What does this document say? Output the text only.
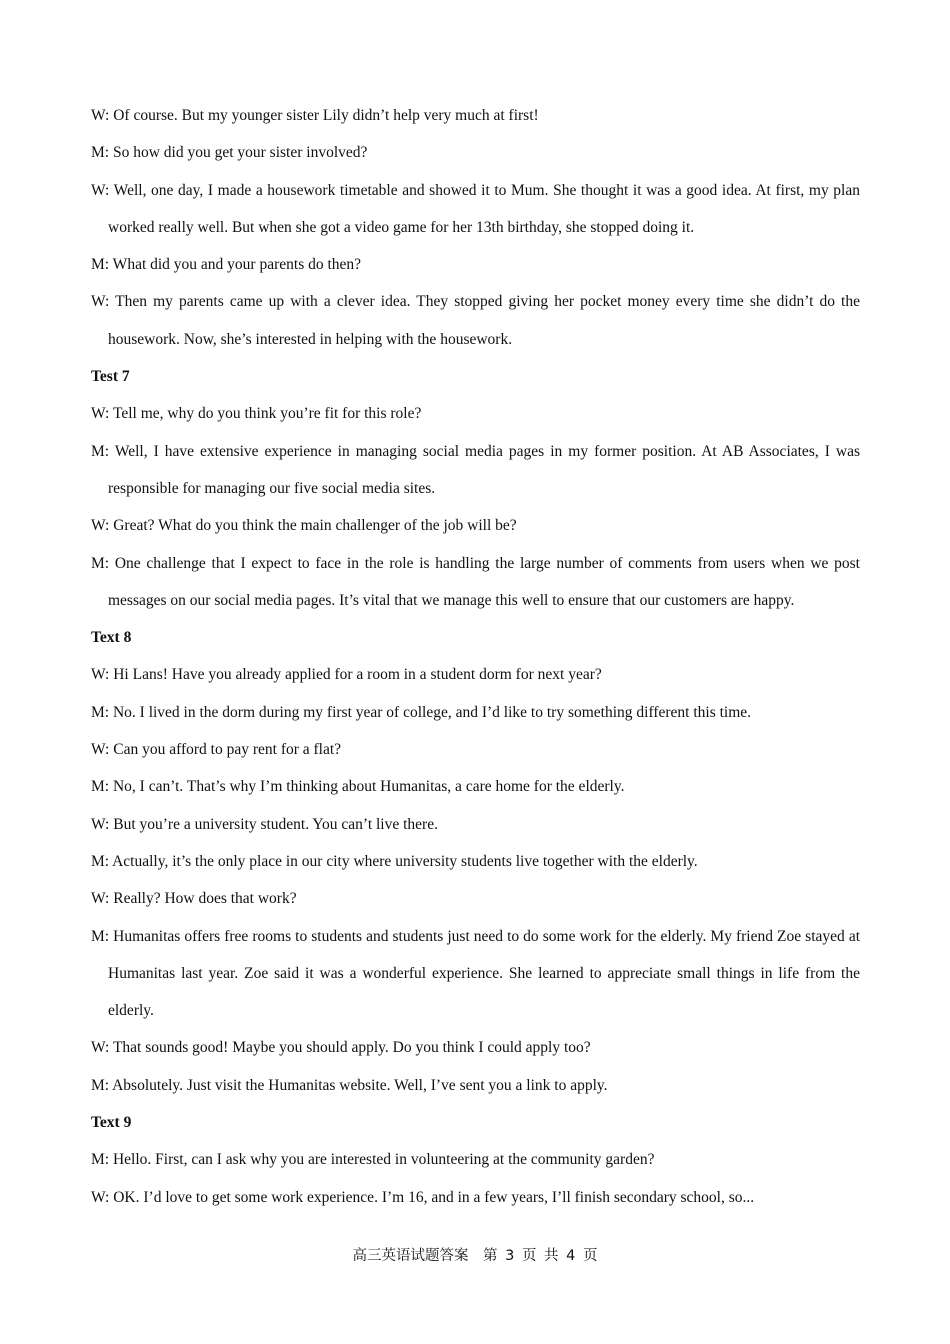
W: Of course. But my younger sister Lily didn’t help very much at first!

M: So how did you get your sister involved?

W: Well, one day, I made a housework timetable and showed it to Mum. She thought it was a good idea. At first, my plan worked really well. But when she got a video game for her 13th birthday, she stopped doing it.

M: What did you and your parents do then?

W: Then my parents came up with a clever idea. They stopped giving her pocket money every time she didn’t do the housework. Now, she’s interested in helping with the housework.

Test 7

W: Tell me, why do you think you’re fit for this role?

M: Well, I have extensive experience in managing social media pages in my former position. At AB Associates, I was responsible for managing our five social media sites.

W: Great? What do you think the main challenger of the job will be?

M: One challenge that I expect to face in the role is handling the large number of comments from users when we post messages on our social media pages. It’s vital that we manage this well to ensure that our customers are happy.

Text 8

W: Hi Lans! Have you already applied for a room in a student dorm for next year?

M: No. I lived in the dorm during my first year of college, and I’d like to try something different this time.

W: Can you afford to pay rent for a flat?

M: No, I can’t. That’s why I’m thinking about Humanitas, a care home for the elderly.

W: But you’re a university student. You can’t live there.

M: Actually, it’s the only place in our city where university students live together with the elderly.

W: Really? How does that work?

M: Humanitas offers free rooms to students and students just need to do some work for the elderly. My friend Zoe stayed at Humanitas last year. Zoe said it was a wonderful experience. She learned to appreciate small things in life from the elderly.

W: That sounds good! Maybe you should apply. Do you think I could apply too?

M: Absolutely. Just visit the Humanitas website. Well, I’ve sent you a link to apply.

Text 9

M: Hello. First, can I ask why you are interested in volunteering at the community garden?

W: OK. I’d love to get some work experience. I’m 16, and in a few years, I’ll finish secondary school, so...

高三英语试题答案　第 3 页 共 4 页
